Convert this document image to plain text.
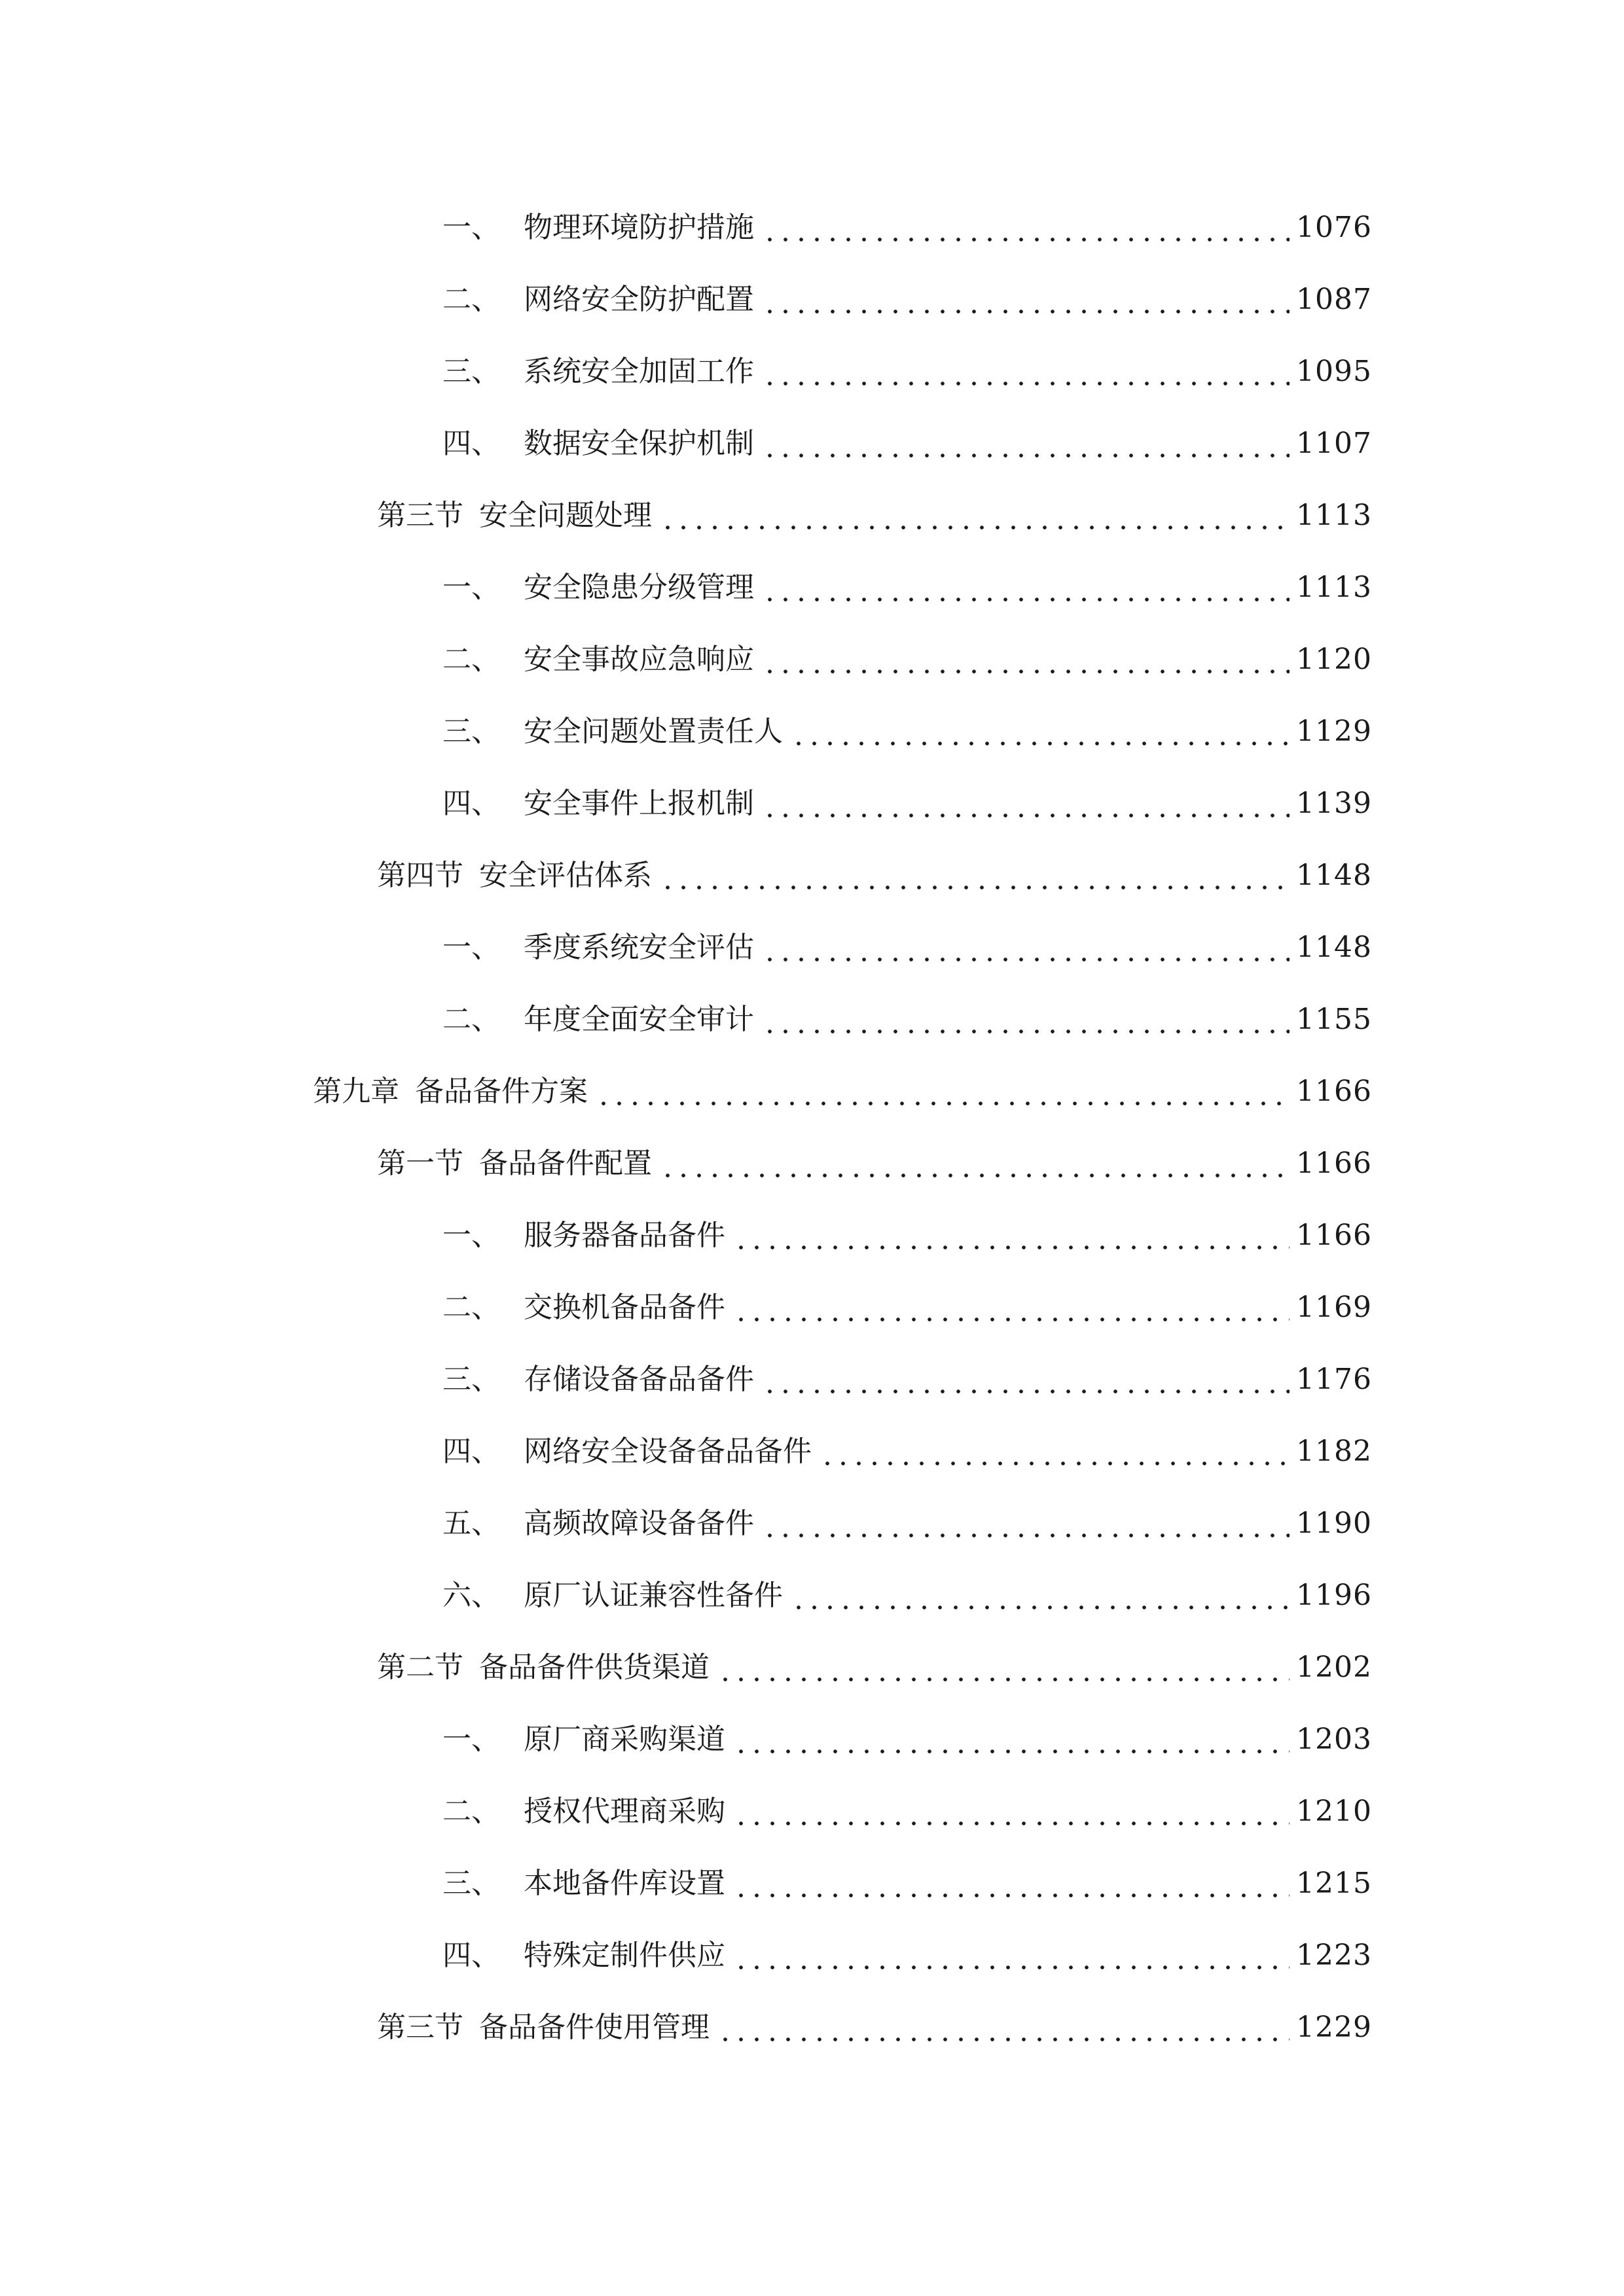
一、 物理环境防护措施	1076
二、 网络安全防护配置	1087
三、 系统安全加固工作	1095
四、 数据安全保护机制	1107
第三节 安全问题处理	1113
一、 安全隐患分级管理	1113
二、 安全事故应急响应	1120
三、 安全问题处置责任人	1129
四、 安全事件上报机制	1139
第四节 安全评估体系	1148
一、 季度系统安全评估	1148
二、 年度全面安全审计	1155
第九章 备品备件方案	1166
第一节 备品备件配置	1166
一、 服务器备品备件	1166
二、 交换机备品备件	1169
三、 存储设备备品备件	1176
四、 网络安全设备备品备件	1182
五、 高频故障设备备件	1190
六、 原厂认证兼容性备件	1196
第二节 备品备件供货渠道	1202
一、 原厂商采购渠道	1203
二、 授权代理商采购	1210
三、 本地备件库设置	1215
四、 特殊定制件供应	1223
第三节 备品备件使用管理	1229
